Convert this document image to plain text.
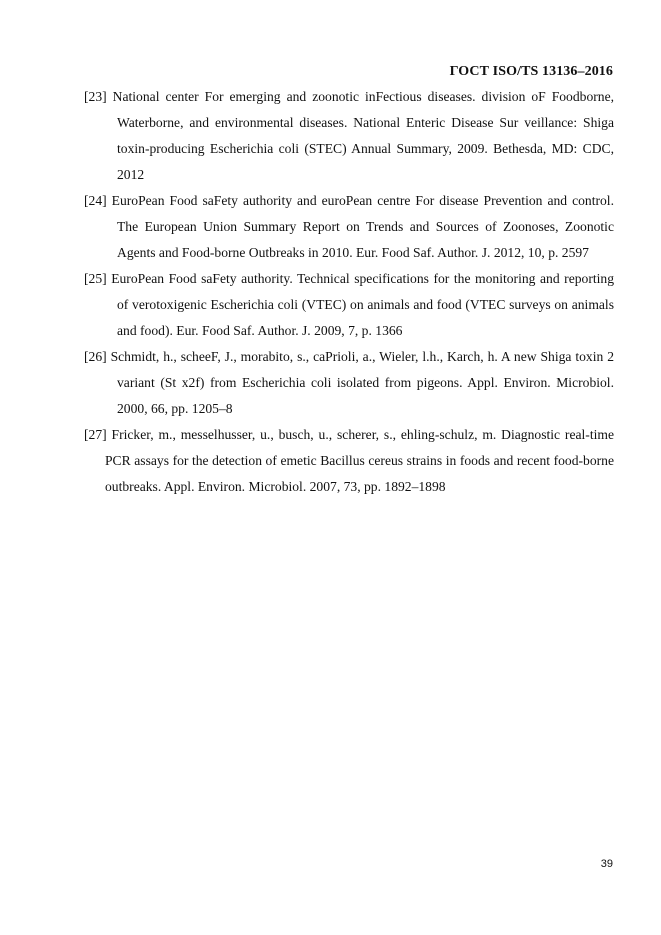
ГОСТ ISO/TS 13136–2016

[23] National center For emerging and zoonotic inFectious diseases. division oF Foodborne, Waterborne, and environmental diseases. National Enteric Disease Sur veillance: Shiga toxin-producing Escherichia coli (STEC) Annual Summary, 2009. Bethesda, MD: CDC, 2012

[24] EuroPean Food saFety authority and euroPean centre For disease Prevention and control. The European Union Summary Report on Trends and Sources of Zoonoses, Zoonotic Agents and Food-borne Outbreaks in 2010. Eur. Food Saf. Author. J. 2012, 10, p. 2597

[25] EuroPean Food saFety authority. Technical specifications for the monitoring and reporting of verotoxigenic Escherichia coli (VTEC) on animals and food (VTEC surveys on animals and food). Eur. Food Saf. Author. J. 2009, 7, p. 1366

[26] Schmidt, h., scheeF, J., morabito, s., caPrioli, a., Wieler, l.h., Karch, h. A new Shiga toxin 2 variant (St x2f) from Escherichia coli isolated from pigeons. Appl. Environ. Microbiol. 2000, 66, pp. 1205–8

[27] Fricker, m., messelhusser, u., busch, u., scherer, s., ehling-schulz, m. Diagnostic real-time PCR assays for the detection of emetic Bacillus cereus strains in foods and recent food-borne outbreaks. Appl. Environ. Microbiol. 2007, 73, pp. 1892–1898

39
